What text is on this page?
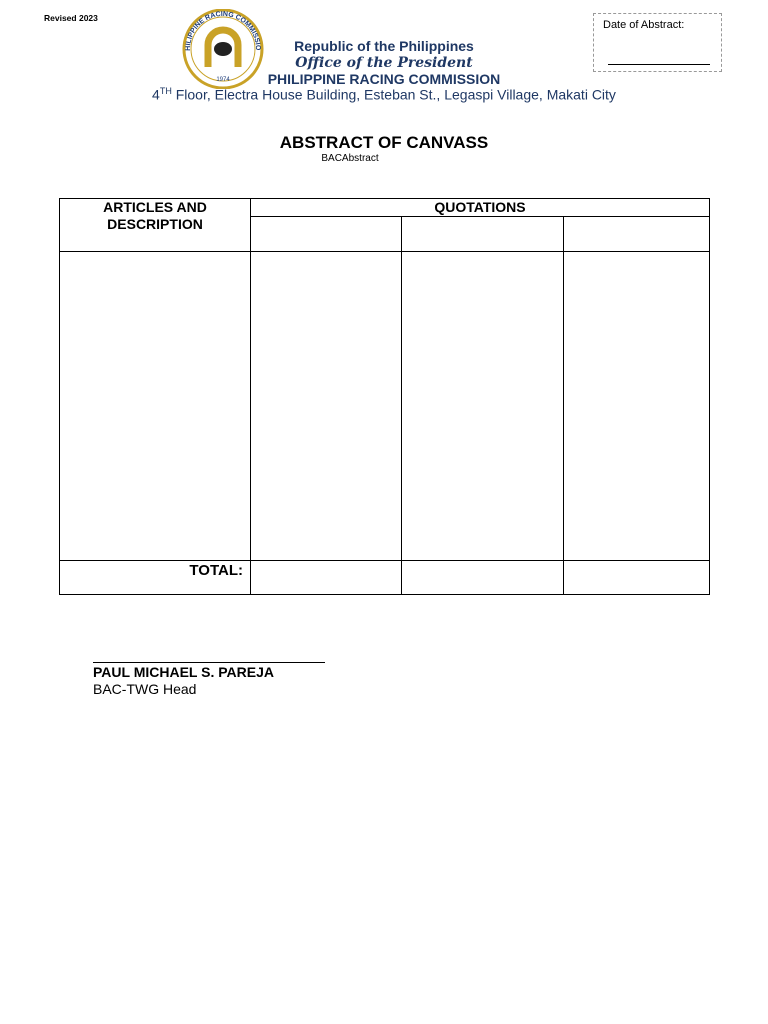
Revised 2023
HILIPPINE RACING COMMISSIO
1974
Republic of the Philippines
Office of the President
PHILIPPINE RACING COMMISSION
4TH Floor, Electra House Building, Esteban St., Legaspi Village, Makati City
Date of Abstract:
ABSTRACT OF CANVASS
BACAbstract
ARTICLES AND DESCRIPTION	QUOTATIONS		

TOTAL:			
PAUL MICHAEL S. PAREJA
BAC-TWG Head
